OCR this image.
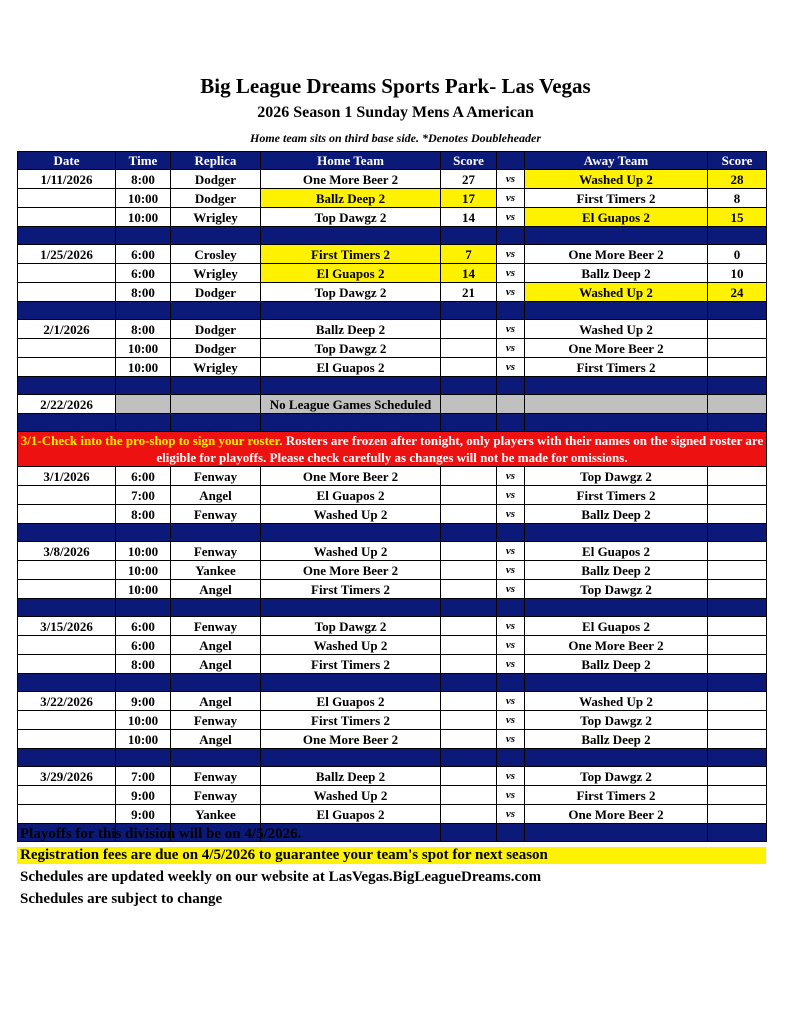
Big League Dreams Sports Park- Las Vegas
2026 Season 1 Sunday Mens A American
Home team sits on third base side. *Denotes Doubleheader
Date	Time	Replica	Home Team	Score		Away Team	Score
1/11/2026	8:00	Dodger	One More Beer 2	27	vs	Washed Up 2	28
	10:00	Dodger	Ballz Deep 2	17	vs	First Timers 2	8
	10:00	Wrigley	Top Dawgz 2	14	vs	El Guapos 2	15

1/25/2026	6:00	Crosley	First Timers 2	7	vs	One More Beer 2	0
	6:00	Wrigley	El Guapos 2	14	vs	Ballz Deep 2	10
	8:00	Dodger	Top Dawgz 2	21	vs	Washed Up 2	24

2/1/2026	8:00	Dodger	Ballz Deep 2		vs	Washed Up 2	
	10:00	Dodger	Top Dawgz 2		vs	One More Beer 2	
	10:00	Wrigley	El Guapos 2		vs	First Timers 2	

2/22/2026			No League Games Scheduled				

3/1-Check into the pro-shop to sign your roster. Rosters are frozen after tonight, only players with their names on the signed roster are eligible for playoffs. Please check carefully as changes will not be made for omissions.							
3/1/2026	6:00	Fenway	One More Beer 2		vs	Top Dawgz 2	
	7:00	Angel	El Guapos 2		vs	First Timers 2	
	8:00	Fenway	Washed Up 2		vs	Ballz Deep 2	

3/8/2026	10:00	Fenway	Washed Up 2		vs	El Guapos 2	
	10:00	Yankee	One More Beer 2		vs	Ballz Deep 2	
	10:00	Angel	First Timers 2		vs	Top Dawgz 2	

3/15/2026	6:00	Fenway	Top Dawgz 2		vs	El Guapos 2	
	6:00	Angel	Washed Up 2		vs	One More Beer 2	
	8:00	Angel	First Timers 2		vs	Ballz Deep 2	

3/22/2026	9:00	Angel	El Guapos 2		vs	Washed Up 2	
	10:00	Fenway	First Timers 2		vs	Top Dawgz 2	
	10:00	Angel	One More Beer 2		vs	Ballz Deep 2	

3/29/2026	7:00	Fenway	Ballz Deep 2		vs	Top Dawgz 2	
	9:00	Fenway	Washed Up 2		vs	First Timers 2	
	9:00	Yankee	El Guapos 2		vs	One More Beer 2	

Playoffs for this division will be on 4/5/2026.
Registration fees are due on 4/5/2026 to guarantee your team's spot for next season
Schedules are updated weekly on our website at LasVegas.BigLeagueDreams.com
Schedules are subject to change
